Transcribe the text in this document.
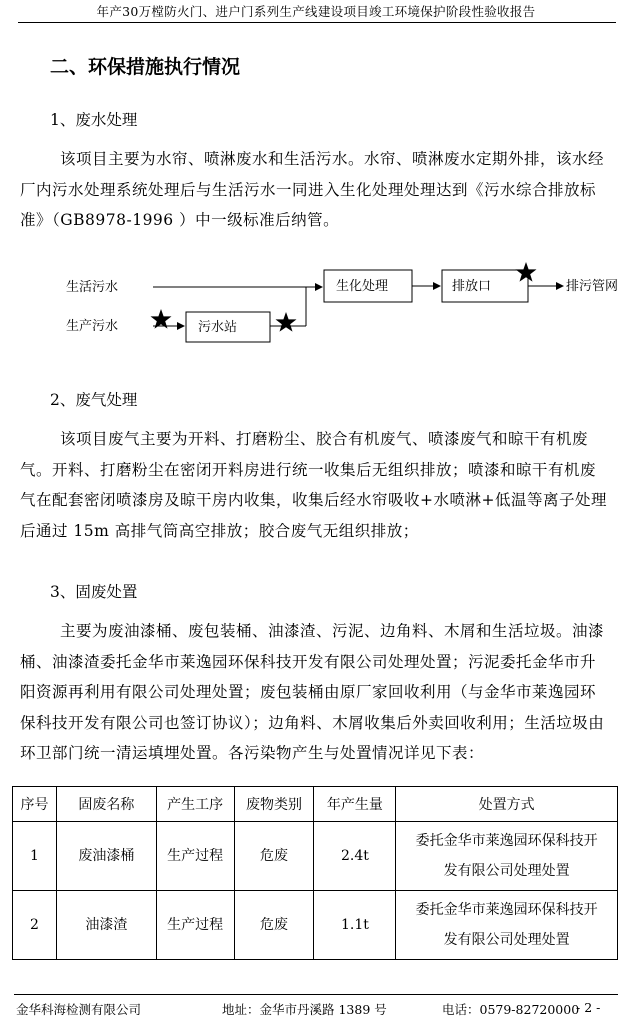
年产30万樘防火门、进户门系列生产线建设项目竣工环境保护阶段性验收报告
二、环保措施执行情况
1、废水处理
该项目主要为水帘、喷淋废水和生活污水。水帘、喷淋废水定期外排，该水经厂内污水处理系统处理后与生活污水一同进入生化处理处理达到《污水综合排放标准》（GB8978-1996 ）中一级标准后纳管。
生活污水
生产污水	污水站
生化处理	排放口	排污管网
2、废气处理
该项目废气主要为开料、打磨粉尘、胶合有机废气、喷漆废气和晾干有机废气。开料、打磨粉尘在密闭开料房进行统一收集后无组织排放；喷漆和晾干有机废气在配套密闭喷漆房及晾干房内收集，收集后经水帘吸收+水喷淋+低温等离子处理后通过 15m 高排气筒高空排放；胶合废气无组织排放；
3、固废处置
主要为废油漆桶、废包装桶、油漆渣、污泥、边角料、木屑和生活垃圾。油漆桶、油漆渣委托金华市莱逸园环保科技开发有限公司处理处置；污泥委托金华市升阳资源再利用有限公司处理处置；废包装桶由原厂家回收利用（与金华市莱逸园环保科技开发有限公司也签订协议）；边角料、木屑收集后外卖回收利用；生活垃圾由环卫部门统一清运填埋处置。各污染物产生与处置情况详见下表：
序号	固废名称	产生工序	废物类别	年产生量	处置方式
1	废油漆桶	生产过程	危废	2.4t	委托金华市莱逸园环保科技开发有限公司处理处置
2	油漆渣	生产过程	危废	1.1t	委托金华市莱逸园环保科技开发有限公司处理处置
金华科海检测有限公司	地址：金华市丹溪路 1389 号	电话：0579-82720000
- 2 -
